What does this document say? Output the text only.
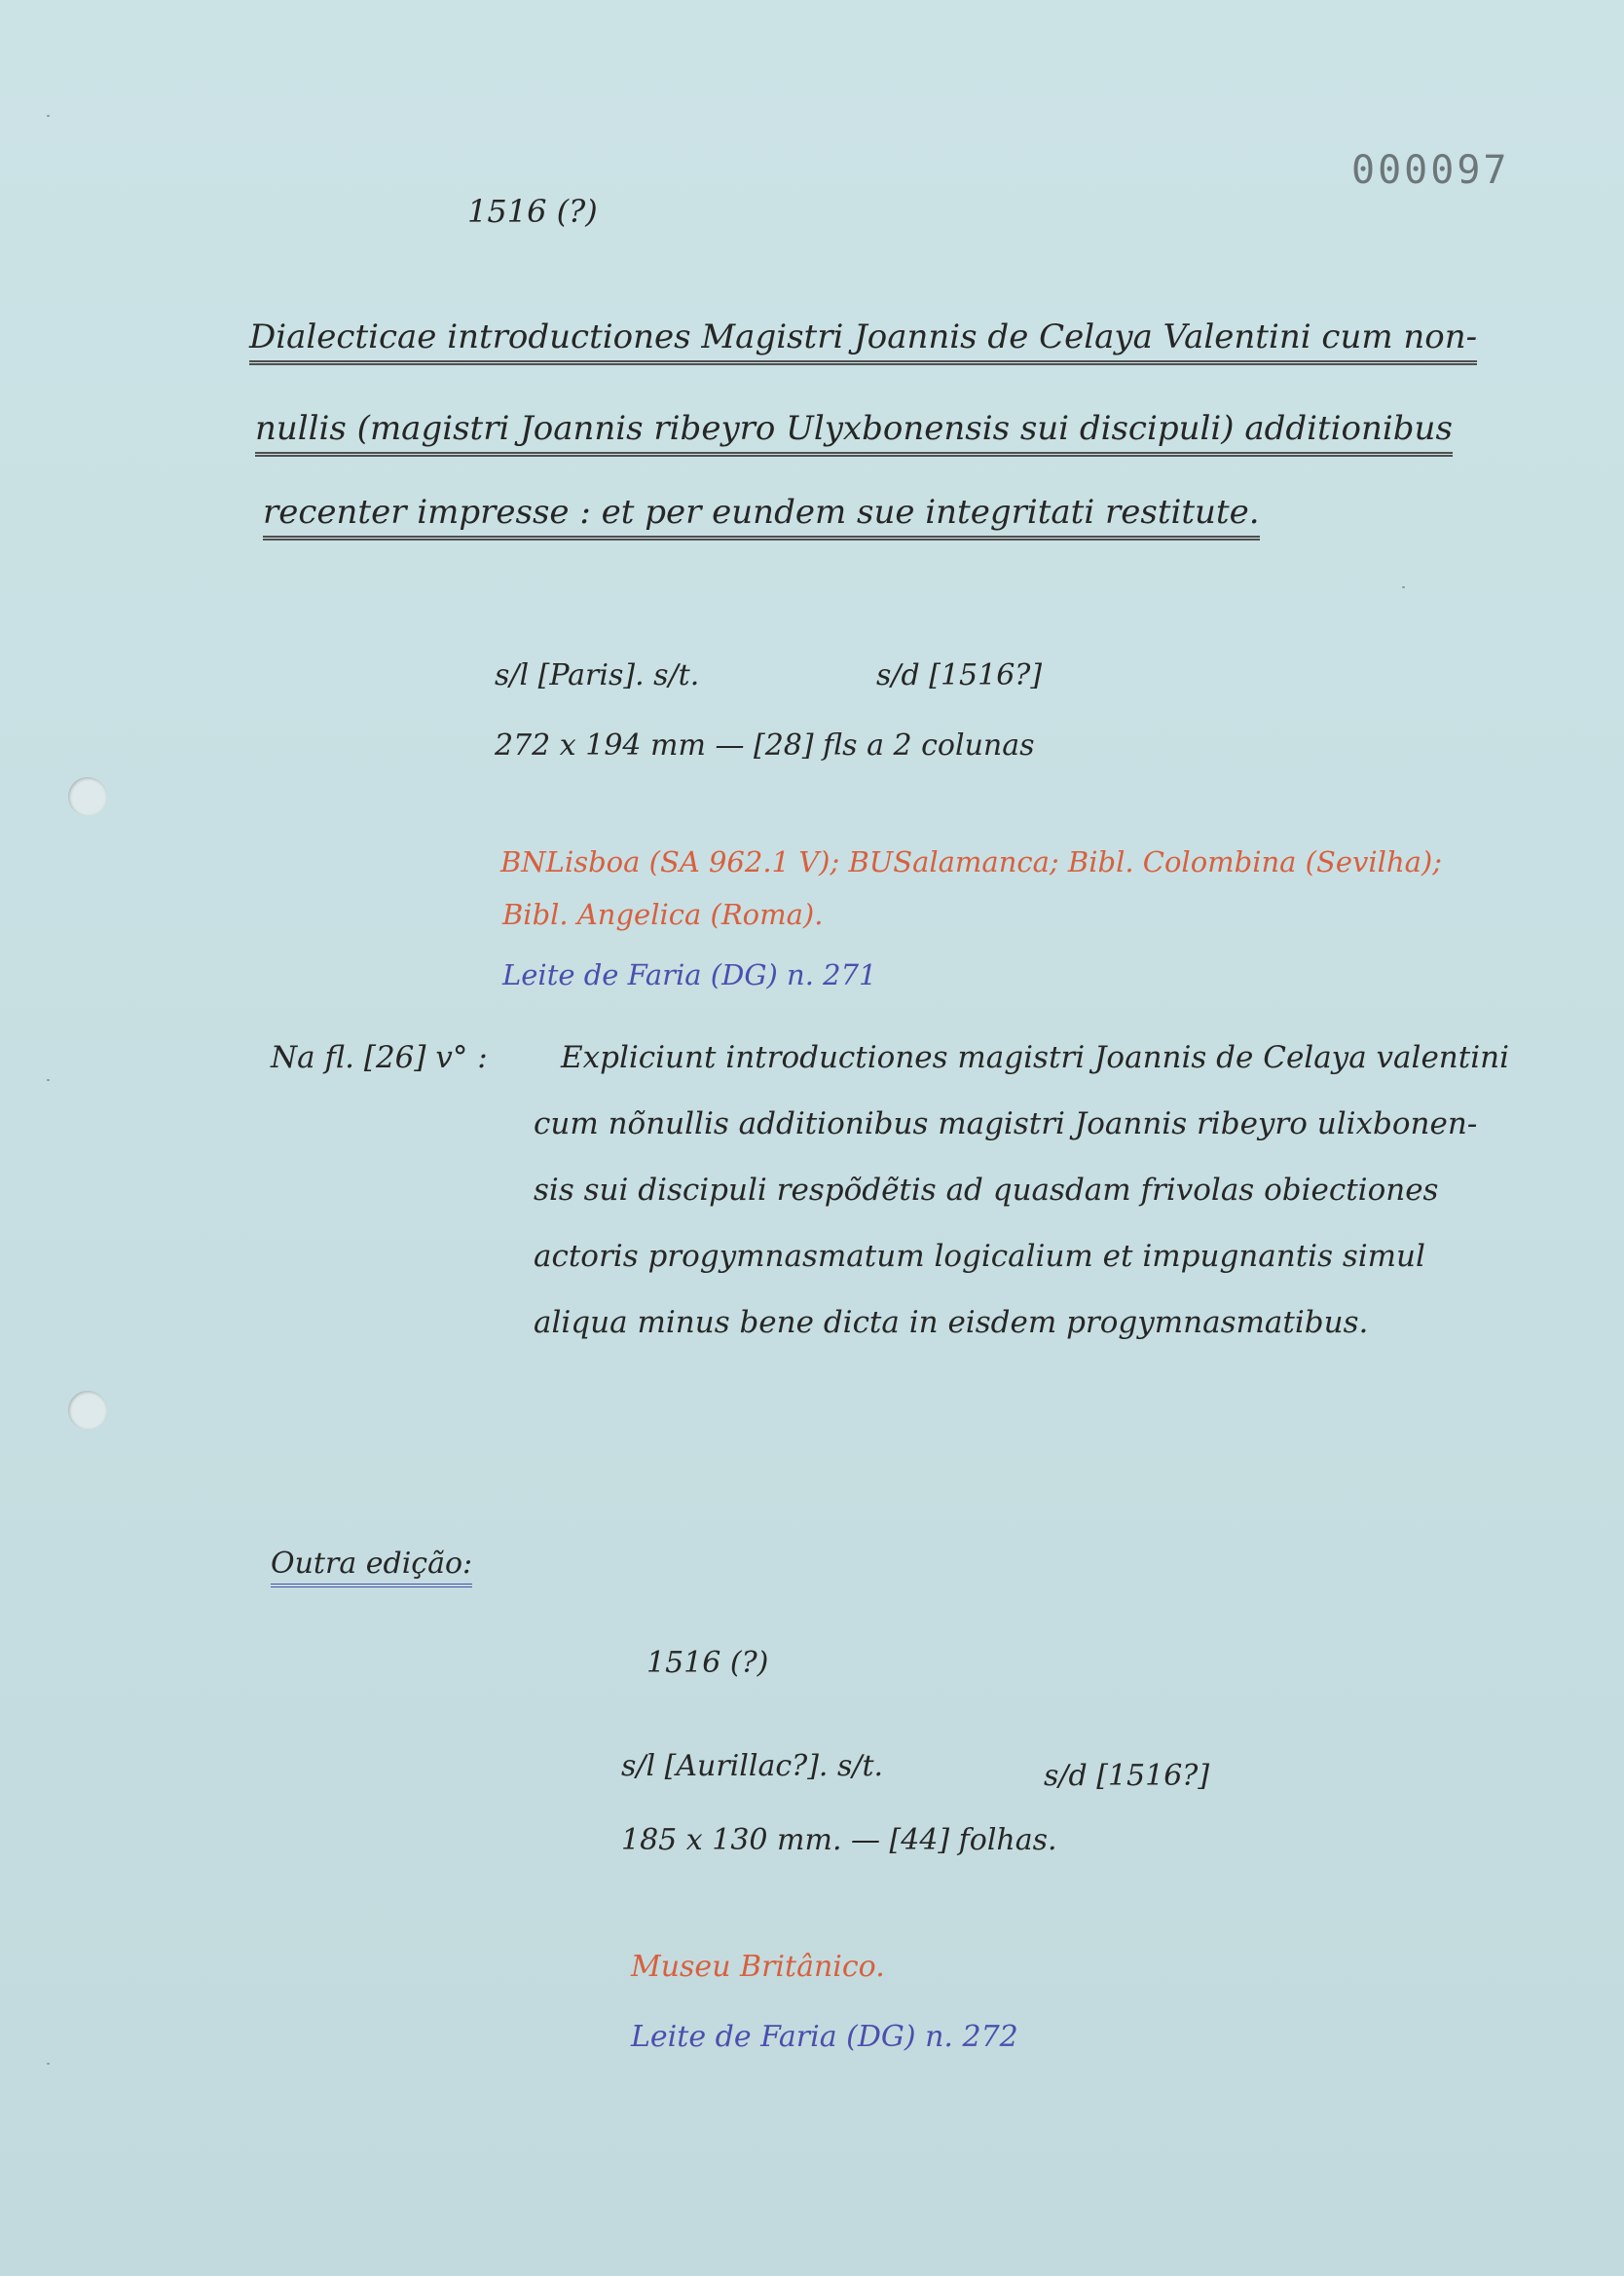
000097
1516 (?)
Dialecticae introductiones Magistri Joannis de Celaya Valentini cum non-
nullis (magistri Joannis ribeyro Ulyxbonensis sui discipuli) additionibus
recenter impresse : et per eundem sue integritati restitute.
s/l [Paris]. s/t.	s/d [1516?]
272 x 194 mm — [28] fls a 2 colunas
BNLisboa (SA 962.1 V); BUSalamanca; Bibl. Colombina (Sevilha);
Bibl. Angelica (Roma).
Leite de Faria (DG) n. 271
Na fl. [26] v° : Expliciunt introductiones magistri Joannis de Celaya valentini
cum nõnullis additionibus magistri Joannis ribeyro ulixbonen-
sis sui discipuli respõdẽtis ad quasdam frivolas obiectiones
actoris progymnasmatum logicalium et impugnantis simul
aliqua minus bene dicta in eisdem progymnasmatibus.
Outra edição:
1516 (?)
s/l [Aurillac?]. s/t.	s/d [1516?]
185 x 130 mm. — [44] folhas.
Museu Britânico.
Leite de Faria (DG) n. 272
